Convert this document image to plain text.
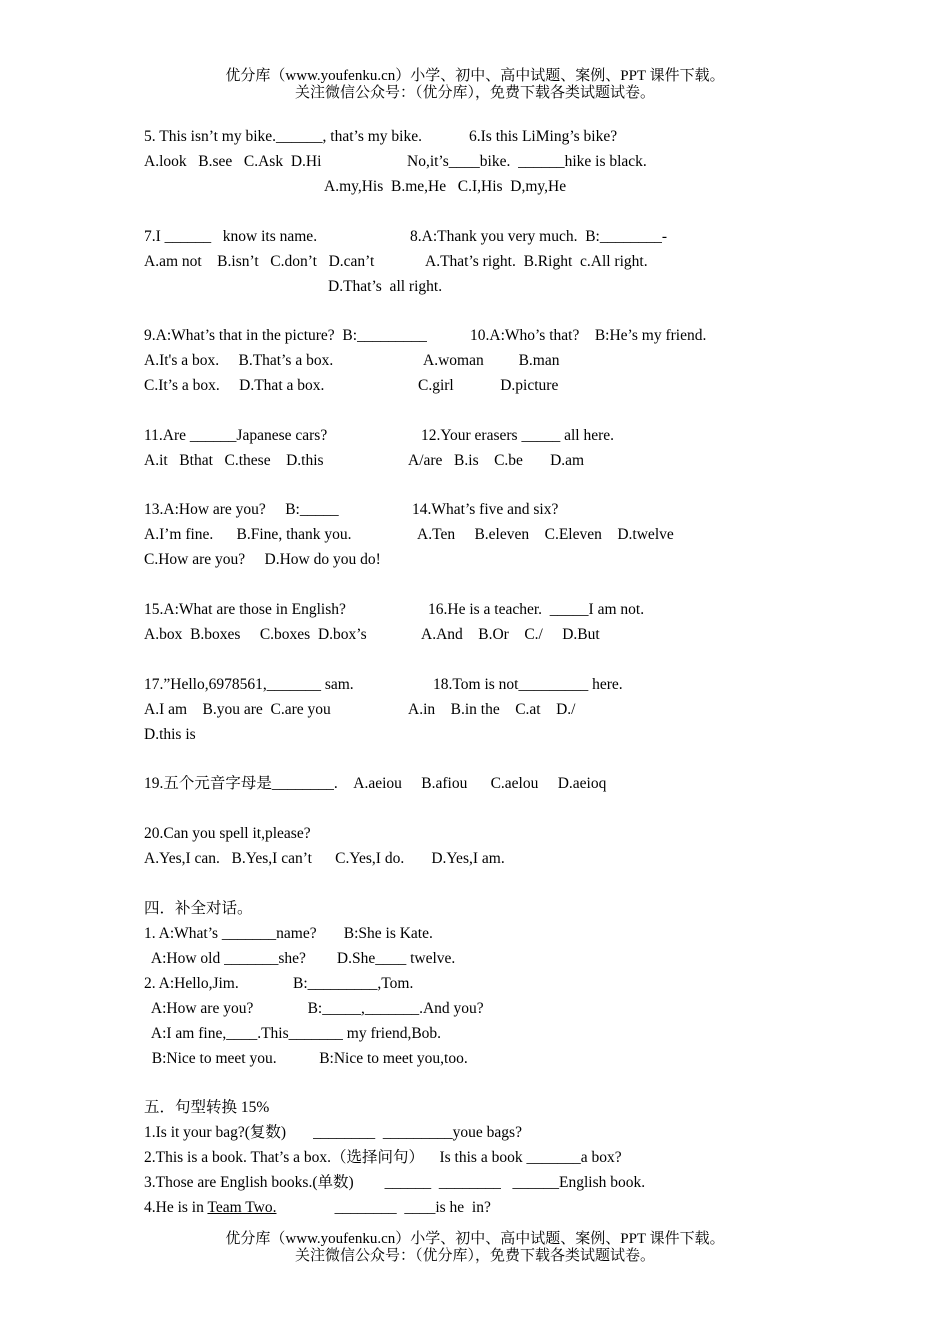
优分库（www.youfenku.cn）小学、初中、高中试题、案例、PPT 课件下载。
关注微信公众号：（优分库），免费下载各类试题试卷。
5. This isn’t my bike.______, that’s my bike.	6.Is this LiMing’s bike?
A.look   B.see   C.Ask  D.Hi	No,it’s____bike.  ______hike is black.
A.my,His  B.me,He   C.I,His  D,my,He
7.I ______   know its name.	8.A:Thank you very much.  B:________-
A.am not    B.isn’t   C.don’t   D.can’t	A.That’s right.  B.Right  c.All right.
D.That’s  all right.
9.A:What’s that in the picture?  B:_________	10.A:Who’s that?    B:He’s my friend.
A.It's a box.     B.That’s a box.	A.woman         B.man
C.It’s a box.     D.That a box.	C.girl            D.picture
11.Are ______Japanese cars?	12.Your erasers _____ all here.
A.it   Bthat   C.these    D.this	A/are   B.is    C.be       D.am
13.A:How are you?     B:_____	14.What’s five and six?
A.I’m fine.      B.Fine, thank you.	A.Ten     B.eleven    C.Eleven    D.twelve
C.How are you?     D.How do you do!
15.A:What are those in English?	16.He is a teacher.  _____I am not.
A.box  B.boxes     C.boxes  D.box’s	A.And    B.Or    C./     D.But
17.”Hello,6978561,_______ sam.	18.Tom is not_________ here.
A.I am    B.you are  C.are you	A.in    B.in the    C.at    D./
D.this is
19.五个元音字母是________.    A.aeiou     B.afiou      C.aelou     D.aeioq
20.Can you spell it,please?
A.Yes,I can.   B.Yes,I can’t      C.Yes,I do.       D.Yes,I am.
四．补全对话。
1. A:What’s _______name?       B:She is Kate.
A:How old _______she?        D.She____ twelve.
2. A:Hello,Jim.              B:_________,Tom.
A:How are you?              B:_____,_______.And you?
A:I am fine,____.This_______ my friend,Bob.
B:Nice to meet you.           B:Nice to meet you,too.
五．句型转换 15%
1.Is it your bag?(复数)       ________  _________youe bags?
2.This is a book. That’s a box.（选择问句）    Is this a book _______a box?
3.Those are English books.(单数)        ______  ________   ______English book.
4.He is in Team Two.               ________  ____is he  in?
优分库（www.youfenku.cn）小学、初中、高中试题、案例、PPT 课件下载。
关注微信公众号：（优分库），免费下载各类试题试卷。
